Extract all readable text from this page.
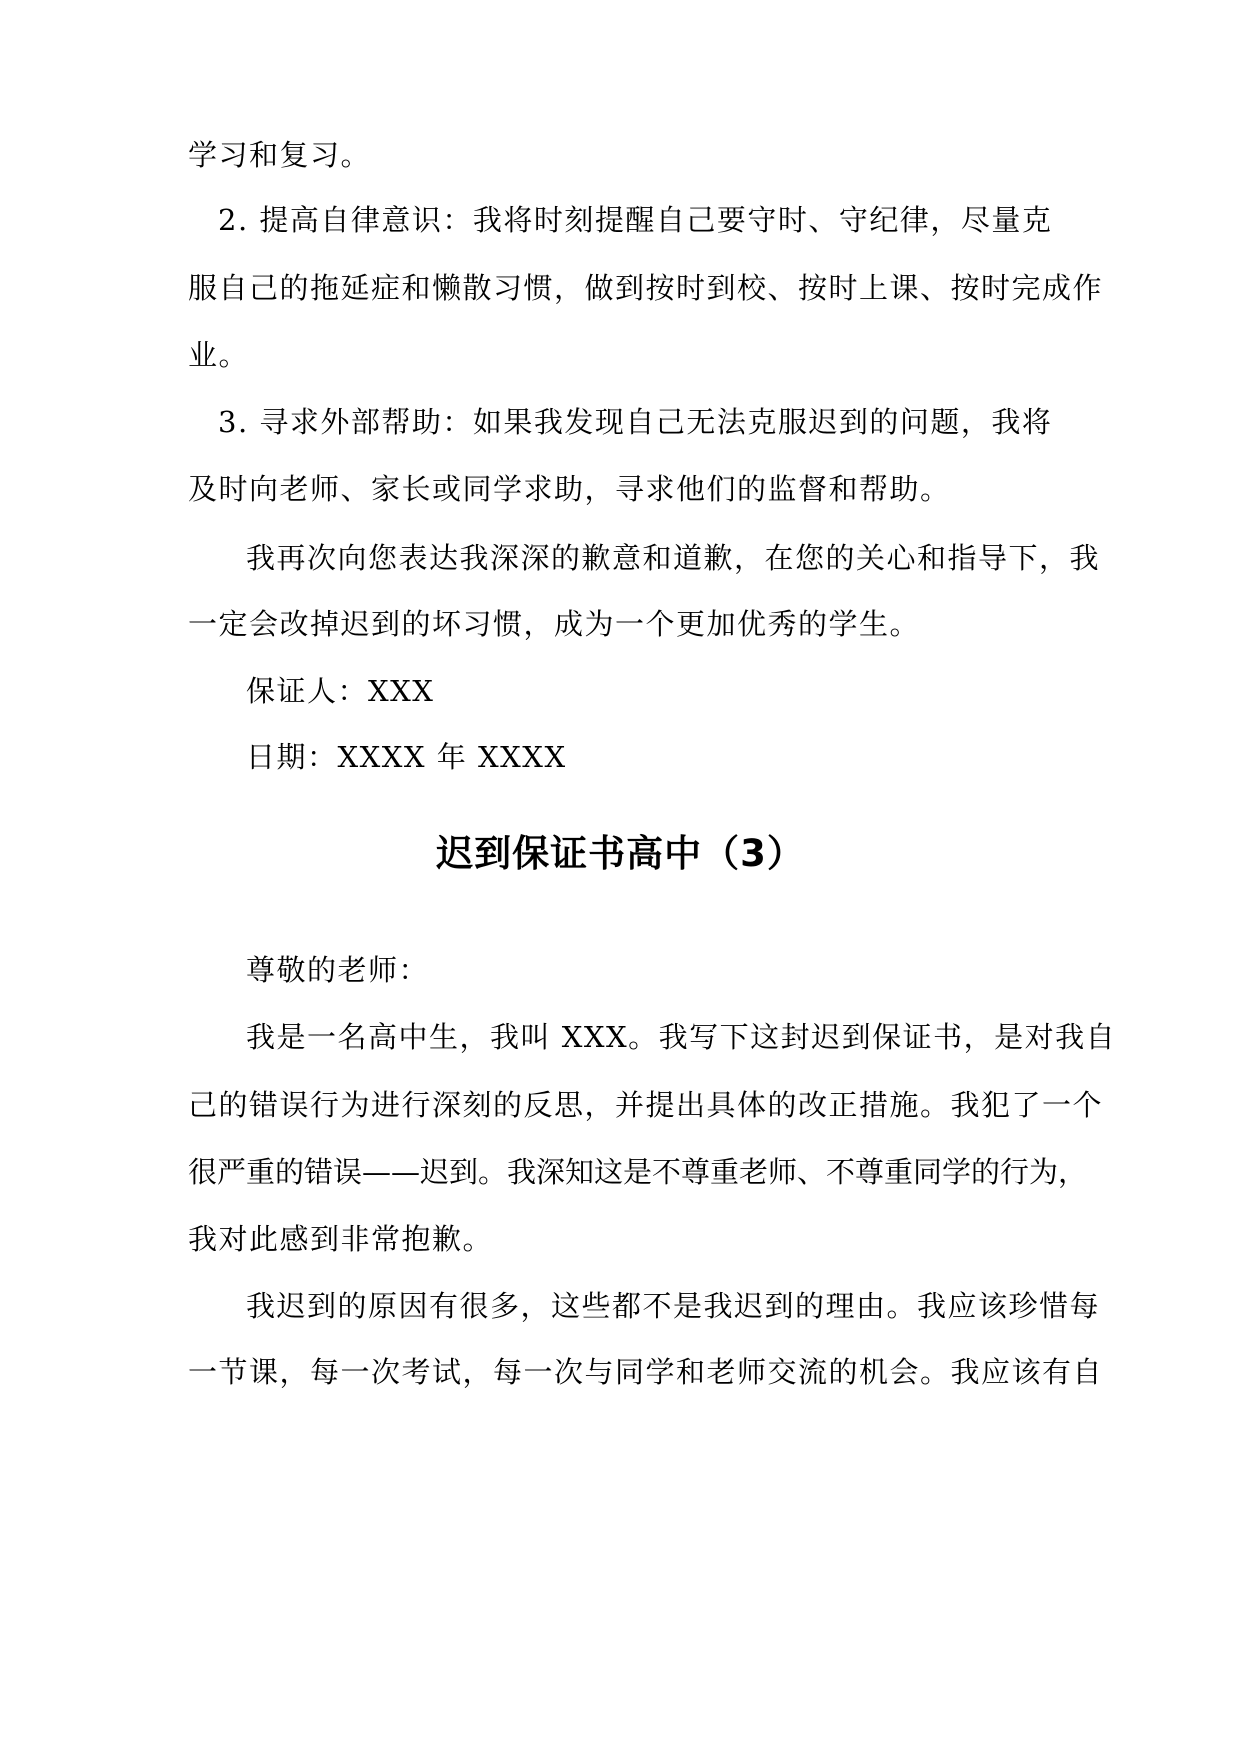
学习和复习。
2. 提高自律意识：我将时刻提醒自己要守时、守纪律，尽量克
服自己的拖延症和懒散习惯，做到按时到校、按时上课、按时完成作
业。
3. 寻求外部帮助：如果我发现自己无法克服迟到的问题，我将
及时向老师、家长或同学求助，寻求他们的监督和帮助。
我再次向您表达我深深的歉意和道歉，在您的关心和指导下，我
一定会改掉迟到的坏习惯，成为一个更加优秀的学生。
保证人：XXX
日期：XXXX 年 XXXX
迟到保证书高中（3）
尊敬的老师：
我是一名高中生，我叫 XXX。我写下这封迟到保证书，是对我自
己的错误行为进行深刻的反思，并提出具体的改正措施。我犯了一个
很严重的错误——迟到。我深知这是不尊重老师、不尊重同学的行为，
我对此感到非常抱歉。
我迟到的原因有很多，这些都不是我迟到的理由。我应该珍惜每
一节课，每一次考试，每一次与同学和老师交流的机会。我应该有自
